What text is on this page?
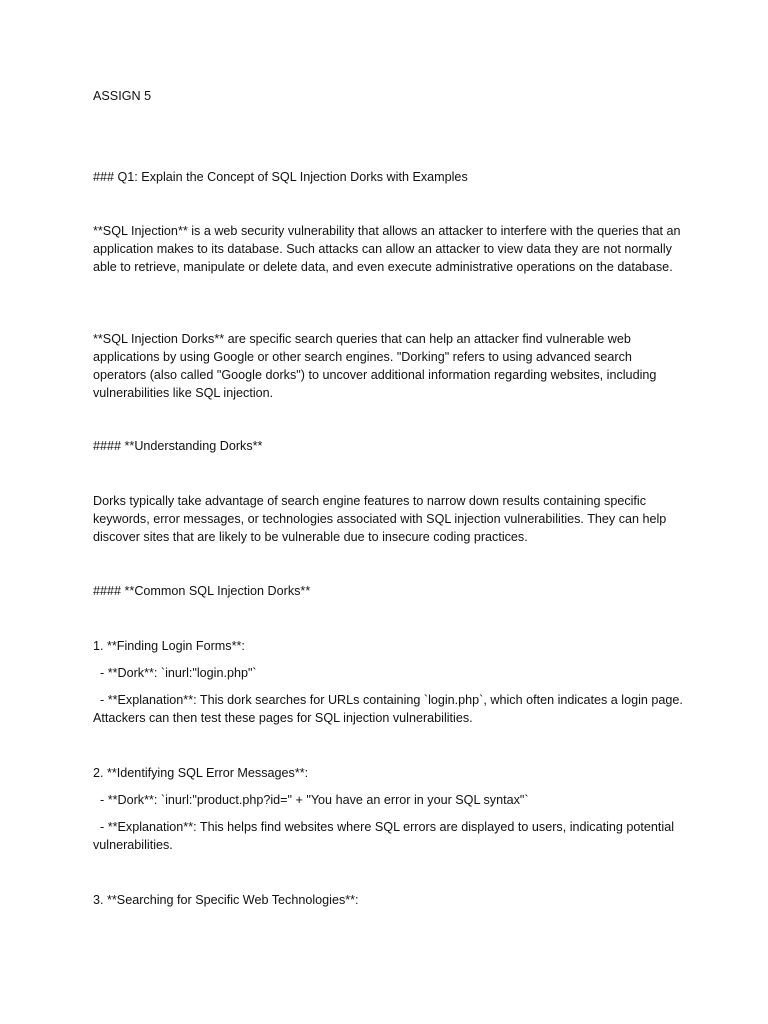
ASSIGN 5

### Q1: Explain the Concept of SQL Injection Dorks with Examples

**SQL Injection** is a web security vulnerability that allows an attacker to interfere with the queries that an application makes to its database. Such attacks can allow an attacker to view data they are not normally able to retrieve, manipulate or delete data, and even execute administrative operations on the database.

**SQL Injection Dorks** are specific search queries that can help an attacker find vulnerable web applications by using Google or other search engines. "Dorking" refers to using advanced search operators (also called "Google dorks") to uncover additional information regarding websites, including vulnerabilities like SQL injection.

#### **Understanding Dorks**

Dorks typically take advantage of search engine features to narrow down results containing specific keywords, error messages, or technologies associated with SQL injection vulnerabilities. They can help discover sites that are likely to be vulnerable due to insecure coding practices.

#### **Common SQL Injection Dorks**

1. **Finding Login Forms**:

- **Dork**: `inurl:"login.php"`

- **Explanation**: This dork searches for URLs containing `login.php`, which often indicates a login page. Attackers can then test these pages for SQL injection vulnerabilities.

2. **Identifying SQL Error Messages**:

- **Dork**: `inurl:"product.php?id=" + "You have an error in your SQL syntax"`

- **Explanation**: This helps find websites where SQL errors are displayed to users, indicating potential vulnerabilities.

3. **Searching for Specific Web Technologies**:
